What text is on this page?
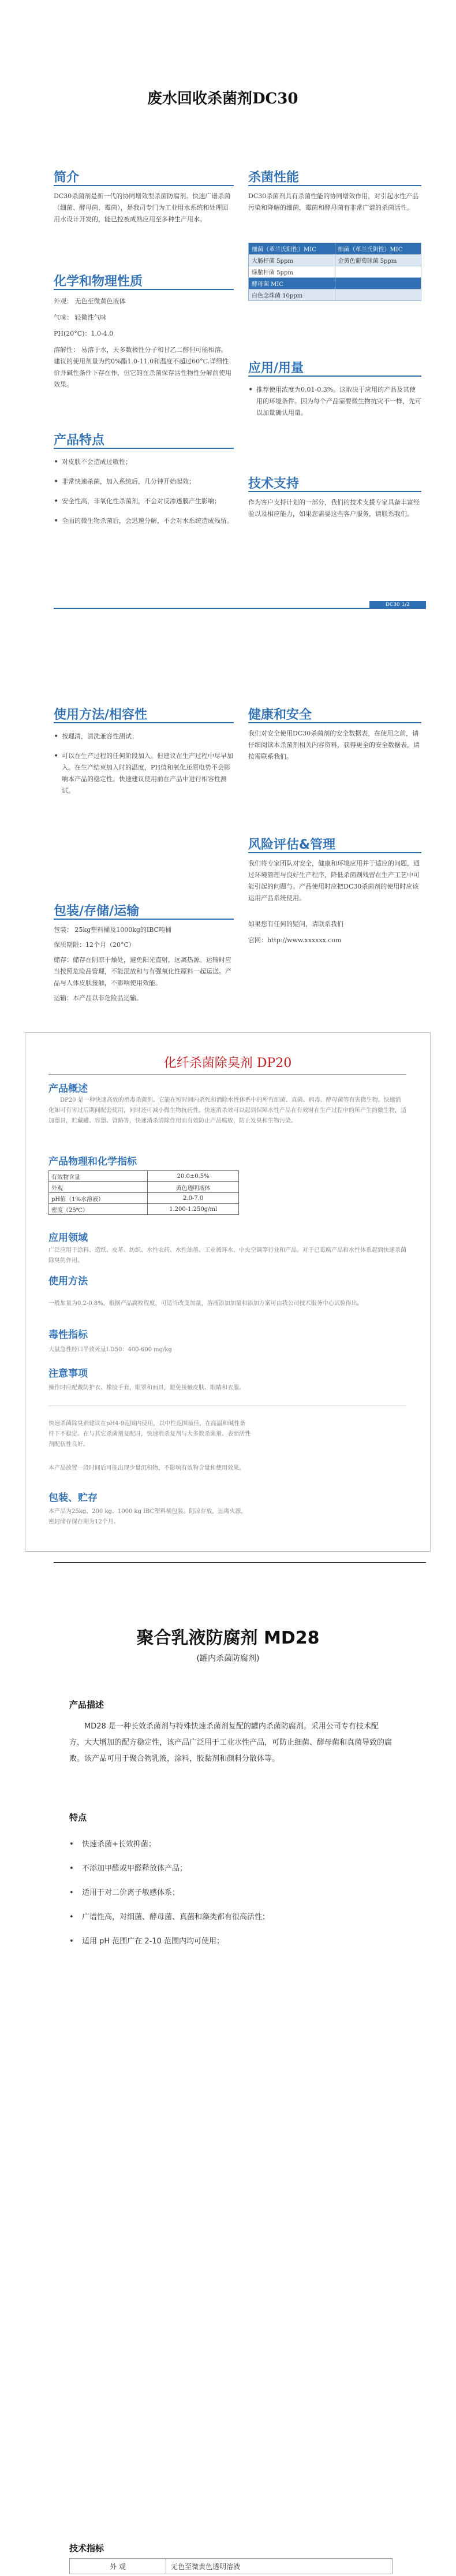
废水回收杀菌剂DC30
简介
DC30杀菌剂是新一代的协同增效型杀菌防腐剂。快速广谱杀菌（细菌、酵母菌、霉菌），是我司专门为工业用水系统和处理回用水设计开发的，能已控被成熟应用至多种生产用水。
化学和物理性质
外观： 无色至微黄色液体
气味： 轻微性气味
PH(20°C)：1.0-4.0
溶解性： 易溶于水，天多数极性分子和甘乙二醇但可能相溶。 建议的使用剂量为约0%酯1.0-11.0和温度不超过60°C.详细性价并碱性条件下存在作，但它的在杀菌保存活性物性分解前使用效果。
产品特点
• 对皮肤不会造成过敏性；
• 非常快速杀菌，加入系统后，几分钟开始起效；
• 安全性高，非氧化性杀菌剂，不会对反渗透膜产生影响；
• 全面的微生物杀菌后，会迅速分解，不会对水系统造成残留。
杀菌性能
DC30杀菌剂具有杀菌性能的协同增效作用，对引起水性产品污染和降解的细菌，霉菌和酵母菌有非常广谱的杀菌活性。
细菌（革兰氏阳性）MIC	细菌（革兰氏阴性）MIC
大肠杆菌 5ppm	金黄色葡萄球菌 5ppm
绿脓杆菌 5ppm	
酵母菌 MIC	
白色念珠菌 10ppm	
应用/用量
• 推荐使用浓度为0.01-0.3%。这取决于应用的产品及其使用的环境条件。因为每个产品需要微生物抗灾不一样，先可以加量确认用量。
技术支持
作为客户支持计划的一部分，我们的技术支援专家具备丰富经验以及相应能力，如果您需要这些客户服务，请联系我们。
DC30 1/2
使用方法/相容性
• 按理清，清洗兼容性测试；
• 可以在生产过程的任何阶段加入。但建议在生产过程中尽早加入。在生产结束加入时的温度，PH值和氧化还原电势不会影响本产品的稳定性。快速建议使用前在产品中进行相容性测试。
包装/存储/运输
包装： 25kg塑料桶及1000kg的IBC吨桶
保质期限：12个月（20°C）
储存：储存在阴凉干燥处，避免阳光直射，远离热源。运输时应当按照危险品管理，不能混放和与有强氧化性原料一起运送。产品与人体皮肤接触，不影响使用效能。
运输：本产品以非危险品运输。
健康和安全
我们对安全使用DC30杀菌剂的安全数据表，在使用之前，请仔细阅读本杀菌剂相关内容资料，获得更全的安全数据表，请按需联系我们。
风险评估&管理
我们将专家团队对安全，健康和环境应用并于适应的问题，通过环境管理与良好生产程序，降低杀菌剂残留在生产工艺中可能引起的问题与。产品使用时应把DC30杀菌剂的使用时应该运用产品系统使用。
如果您有任何的疑问，请联系我们
官网：http://www.xxxxxx.com
化纤杀菌除臭剂 DP20
产品概述
DP20 是一种快速高效的消毒杀菌剂。它能在短时间内杀死和消除水性体系中的所有细菌、真菌、病毒、酵母菌等有害微生物。快速消化如可有害过后期间配套使用，同时还可减小微生物抗药性。快速消杀效可以起到保障水性产品在有效时在生产过程中的所产生的微生物，适加器具，贮藏罐、容器、管路等，快速消杀清除作用而有效防止产品腐败，防止发臭和生物污染。
产品物理和化学指标
有效物含量	20.0±0.5%
外观	黄色透明液体
pH值（1%水溶液）	2.0-7.0
密度（25℃）	1.200-1.250g/ml
应用领域
广泛应用于涂料、造纸、皮革、纺织、水性农药、水性油墨、工业循环水、中央空调等行业和产品。对于已霉腐产品和水性体系起到快速杀菌除臭的作用。
使用方法
一般加量为0.2-0.8%，根据产品腐败程度，可适当改变加量，溶液添加加量和添加方案可由我公司技术服务中心试验得出。
毒性指标
大鼠急性经口半致死量LD50：400-600 mg/kg
注意事项
操作时应配戴防护衣、橡胶手套，眼罩和面具，避免接触皮肤、眼睛和衣服。
快速杀菌除臭剂建议在pH4-9范围内使用，以中性范围最佳，在高温和碱性条件下不稳定。在与其它杀菌剂复配时，快速消杀复剂与大多数杀菌剂、表面活性剂配伍性良好。
本产品放置一段时间后可能出现少量沉积物，不影响有效物含量和使用效果。
包装、贮存
本产品为25kg、200 kg、1000 kg IBC塑料桶包装。阴凉存放，远离火源，密封储存保存期为12个月。
聚合乳液防腐剂 MD28
(罐内杀菌防腐剂)
产品描述
MD28 是一种长效杀菌剂与特殊快速杀菌剂复配的罐内杀菌防腐剂。采用公司专有技术配方，大大增加的配方稳定性，该产品广泛用于工业水性产品，可防止细菌、酵母菌和真菌导致的腐败。该产品可用于聚合物乳液，涂料，胶黏剂和颜料分散体等。
特点
•	快速杀菌+长效抑菌；
•	不添加甲醛或甲醛释放体产品；
•	适用于对二价离子敏感体系；
•	广谱性高，对细菌、酵母菌、真菌和藻类都有很高活性；
•	适用 pH 范围广在 2-10 范围内均可使用；
技术指标
外 观	无色至微黄色透明溶液
